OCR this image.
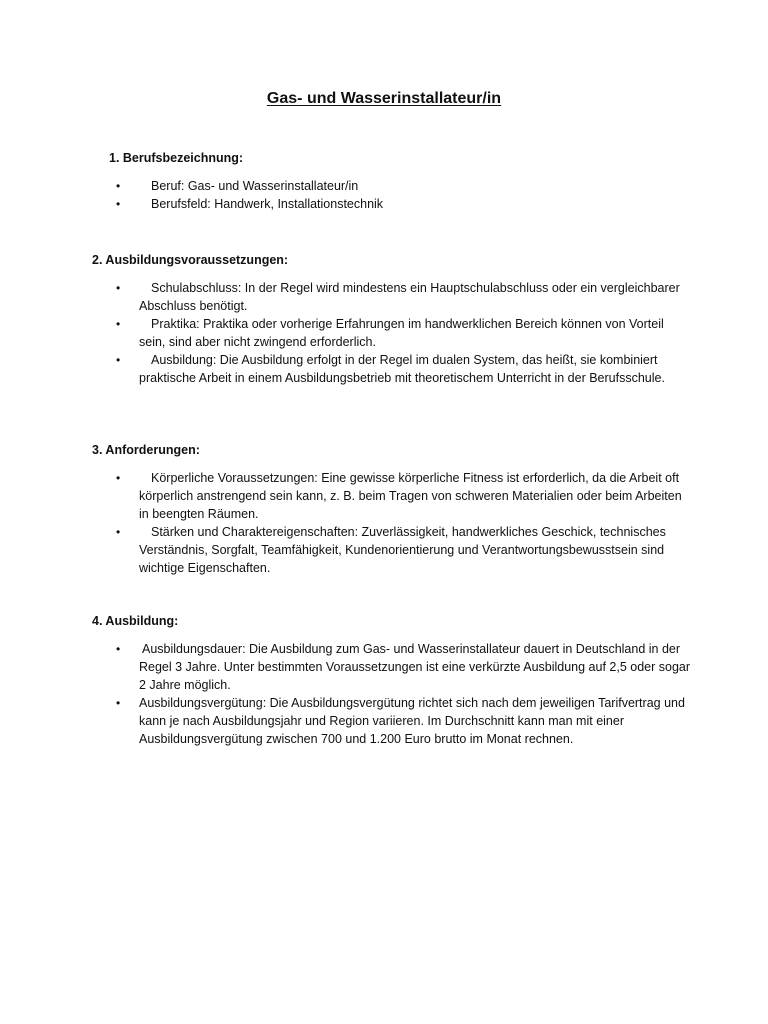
Gas- und Wasserinstallateur/in
1. Berufsbezeichnung:
• Beruf: Gas- und Wasserinstallateur/in
• Berufsfeld: Handwerk, Installationstechnik
2. Ausbildungsvoraussetzungen:
•	Schulabschluss: In der Regel wird mindestens ein Hauptschulabschluss oder ein vergleichbarer Abschluss benötigt.
•	Praktika: Praktika oder vorherige Erfahrungen im handwerklichen Bereich können von Vorteil sein, sind aber nicht zwingend erforderlich.
•	Ausbildung: Die Ausbildung erfolgt in der Regel im dualen System, das heißt, sie kombiniert praktische Arbeit in einem Ausbildungsbetrieb mit theoretischem Unterricht in der Berufsschule.
3. Anforderungen:
•	Körperliche Voraussetzungen: Eine gewisse körperliche Fitness ist erforderlich, da die Arbeit oft körperlich anstrengend sein kann, z. B. beim Tragen von schweren Materialien oder beim Arbeiten in beengten Räumen.
•	Stärken und Charaktereigenschaften: Zuverlässigkeit, handwerkliches Geschick, technisches Verständnis, Sorgfalt, Teamfähigkeit, Kundenorientierung und Verantwortungsbewusstsein sind wichtige Eigenschaften.
4. Ausbildung:
• Ausbildungsdauer: Die Ausbildung zum Gas- und Wasserinstallateur dauert in Deutschland in der Regel 3 Jahre. Unter bestimmten Voraussetzungen ist eine verkürzte Ausbildung auf 2,5 oder sogar 2 Jahre möglich.
• Ausbildungsvergütung: Die Ausbildungsvergütung richtet sich nach dem jeweiligen Tarifvertrag und kann je nach Ausbildungsjahr und Region variieren. Im Durchschnitt kann man mit einer Ausbildungsvergütung zwischen 700 und 1.200 Euro brutto im Monat rechnen.
